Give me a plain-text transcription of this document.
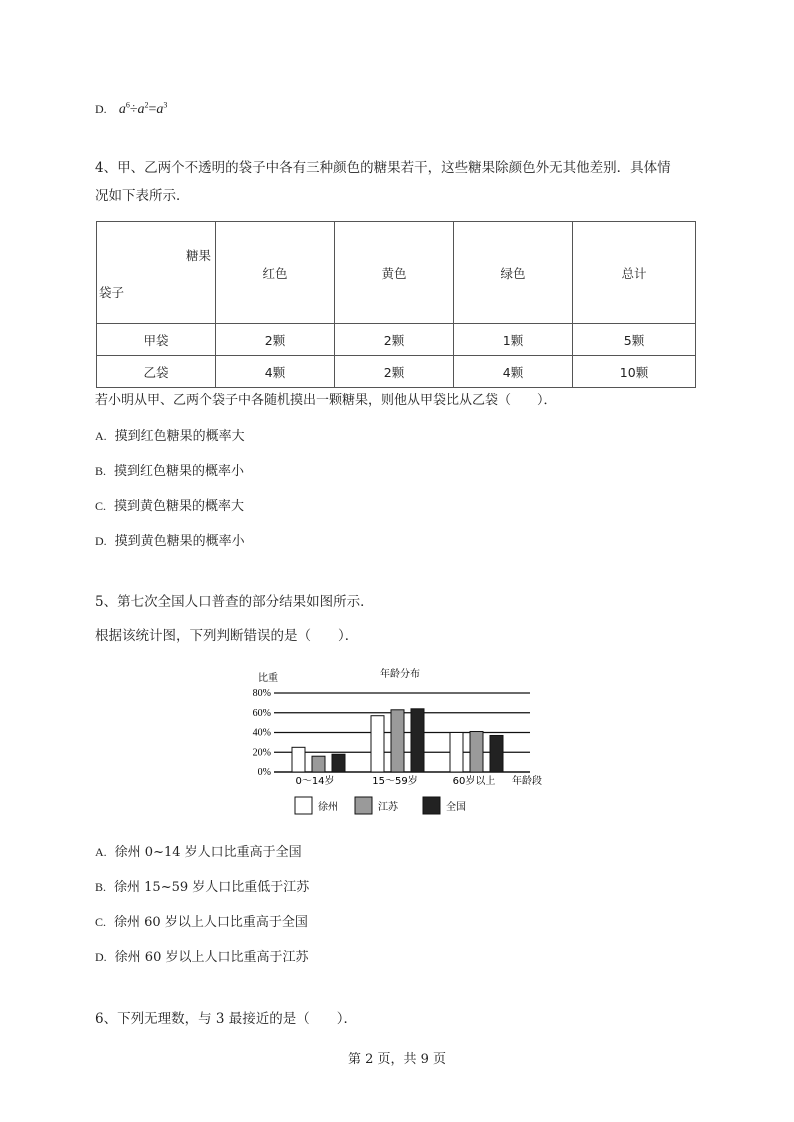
D. $a^6\div a^2=a^3$
4、甲、乙两个不透明的袋子中各有三种颜色的糖果若干，这些糖果除颜色外无其他差别．具体情
况如下表所示．
糖果
袋子	红色	黄色	绿色	总计
甲袋	2颗	2颗	1颗	5颗
乙袋	4颗	2颗	4颗	10颗
若小明从甲、乙两个袋子中各随机摸出一颗糖果，则他从甲袋比从乙袋（　　）．
A. 摸到红色糖果的概率大
B. 摸到红色糖果的概率小
C. 摸到黄色糖果的概率大
D. 摸到黄色糖果的概率小
5、第七次全国人口普查的部分结果如图所示．
根据该统计图，下列判断错误的是（　　）．
比重	年龄分布
0%
20%
40%
60%
80%
0～14岁	15～59岁	60岁以上 年龄段
徐州	江苏	全国
A. 徐州 0~14 岁人口比重高于全国
B. 徐州 15~59 岁人口比重低于江苏
C. 徐州 60 岁以上人口比重高于全国
D. 徐州 60 岁以上人口比重高于江苏
6、下列无理数，与 3 最接近的是（　　）．
第 2 页，共 9 页
